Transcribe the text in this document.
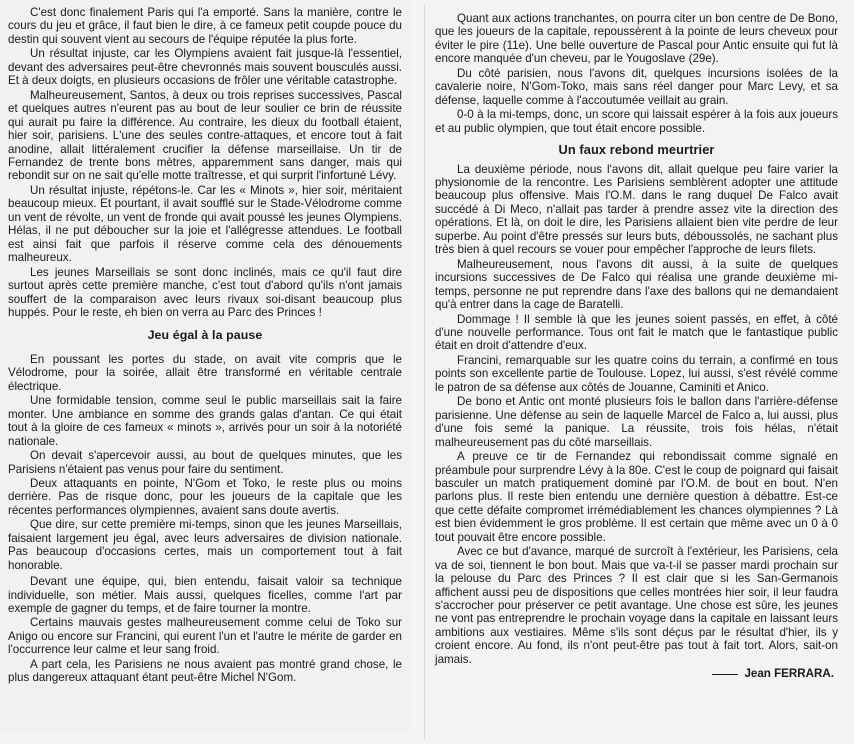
C'est donc finalement Paris qui l'a emporté. Sans la manière, contre le cours du jeu et grâce, il faut bien le dire, à ce fameux petit coupde pouce du destin qui souvent vient au secours de l'équipe réputée la plus forte.

Un résultat injuste, car les Olympiens avaient fait jusque-là l'essentiel, devant des adversaires peut-être chevronnés mais souvent bousculés aussi. Et à deux doigts, en plusieurs occasions de frôler une véritable catastrophe.

Malheureusement, Santos, à deux ou trois reprises successives, Pascal et quelques autres n'eurent pas au bout de leur soulier ce brin de réussite qui aurait pu faire la différence. Au contraire, les dieux du football étaient, hier soir, parisiens. L'une des seules contre-attaques, et encore tout à fait anodine, allait littéralement crucifier la défense marseillaise. Un tir de Fernandez de trente bons mètres, apparemment sans danger, mais qui rebondit sur on ne sait qu'elle motte traîtresse, et qui surprit l'infortuné Lévy.

Un résultat injuste, répétons-le. Car les « Minots », hier soir, méritaient beaucoup mieux. Et pourtant, il avait soufflé sur le Stade-Vélodrome comme un vent de révolte, un vent de fronde qui avait poussé les jeunes Olympiens. Hélas, il ne put déboucher sur la joie et l'allégresse attendues. Le football est ainsi fait que parfois il réserve comme cela des dénouements malheureux.

Les jeunes Marseillais se sont donc inclinés, mais ce qu'il faut dire surtout après cette première manche, c'est tout d'abord qu'ils n'ont jamais souffert de la comparaison avec leurs rivaux soi-disant beaucoup plus huppés. Pour le reste, eh bien on verra au Parc des Princes !

Jeu égal à la pause

En poussant les portes du stade, on avait vite compris que le Vélodrome, pour la soirée, allait être transformé en véritable centrale électrique.

Une formidable tension, comme seul le public marseillais sait la faire monter. Une ambiance en somme des grands galas d'antan. Ce qui était tout à la gloire de ces fameux « minots », arrivés pour un soir à la notoriété nationale.

On devait s'apercevoir aussi, au bout de quelques minutes, que les Parisiens n'étaient pas venus pour faire du sentiment.

Deux attaquants en pointe, N'Gom et Toko, le reste plus ou moins derrière. Pas de risque donc, pour les joueurs de la capitale que les récentes performances olympiennes, avaient sans doute avertis.

Que dire, sur cette première mi-temps, sinon que les jeunes Marseillais, faisaient largement jeu égal, avec leurs adversaires de division nationale. Pas beaucoup d'occasions certes, mais un comportement tout à fait honorable.

Devant une équipe, qui, bien entendu, faisait valoir sa technique individuelle, son métier. Mais aussi, quelques ficelles, comme l'art par exemple de gagner du temps, et de faire tourner la montre.

Certains mauvais gestes malheureusement comme celui de Toko sur Anigo ou encore sur Francini, qui eurent l'un et l'autre le mérite de garder en l'occurrence leur calme et leur sang froid.

A part cela, les Parisiens ne nous avaient pas montré grand chose, le plus dangereux attaquant étant peut-être Michel N'Gom.

Quant aux actions tranchantes, on pourra citer un bon centre de De Bono, que les joueurs de la capitale, repoussèrent à la pointe de leurs cheveux pour éviter le pire (11e). Une belle ouverture de Pascal pour Antic ensuite qui fut là encore manquée d'un cheveu, par le Yougoslave (29e).

Du côté parisien, nous l'avons dit, quelques incursions isolées de la cavalerie noire, N'Gom-Toko, mais sans réel danger pour Marc Levy, et sa défense, laquelle comme à l'accoutumée veillait au grain.

0-0 à la mi-temps, donc, un score qui laissait espérer à la fois aux joueurs et au public olympien, que tout était encore possible.

Un faux rebond meurtrier

La deuxième période, nous l'avons dit, allait quelque peu faire varier la physionomie de la rencontre. Les Parisiens semblèrent adopter une attitude beaucoup plus offensive. Mais l'O.M. dans le rang duquel De Falco avait succédé à Di Meco, n'allait pas tarder à prendre assez vite la direction des opérations. Et là, on doit le dire, les Parisiens allaient bien vite perdre de leur superbe. Au point d'être pressés sur leurs buts, déboussolés, ne sachant plus très bien à quel recours se vouer pour empêcher l'approche de leurs filets.

Malheureusement, nous l'avons dit aussi, à la suite de quelques incursions successives de De Falco qui réalisa une grande deuxième mi-temps, personne ne put reprendre dans l'axe des ballons qui ne demandaient qu'à entrer dans la cage de Baratelli.

Dommage ! Il semble là que les jeunes soient passés, en effet, à côté d'une nouvelle performance. Tous ont fait le match que le fantastique public était en droit d'attendre d'eux.

Francini, remarquable sur les quatre coins du terrain, a confirmé en tous points son excellente partie de Toulouse. Lopez, lui aussi, s'est révélé comme le patron de sa défense aux côtés de Jouanne, Caminiti et Anico.

De bono et Antic ont monté plusieurs fois le ballon dans l'arrière-défense parisienne. Une défense au sein de laquelle Marcel de Falco a, lui aussi, plus d'une fois semé la panique. La réussite, trois fois hélas, n'était malheureusement pas du côté marseillais.

A preuve ce tir de Fernandez qui rebondissait comme signalé en préambule pour surprendre Lévy à la 80e. C'est le coup de poignard qui faisait basculer un match pratiquement dominé par l'O.M. de bout en bout. N'en parlons plus. Il reste bien entendu une dernière question à débattre. Est-ce que cette défaite compromet irrémédiablement les chances olympiennes ? Là est bien évidemment le gros problème. Il est certain que même avec un 0 à 0 tout pouvait être encore possible.

Avec ce but d'avance, marqué de surcroît à l'extérieur, les Parisiens, cela va de soi, tiennent le bon bout. Mais que va-t-il se passer mardi prochain sur la pelouse du Parc des Princes ? Il est clair que si les San-Germanois affichent aussi peu de dispositions que celles montrées hier soir, il leur faudra s'accrocher pour préserver ce petit avantage. Une chose est sûre, les jeunes ne vont pas entreprendre le prochain voyage dans la capitale en laissant leurs ambitions aux vestiaires. Même s'ils sont déçus par le résultat d'hier, ils y croient encore. Au fond, ils n'ont peut-être pas tout à fait tort. Alors, sait-on jamais.

Jean FERRARA.
